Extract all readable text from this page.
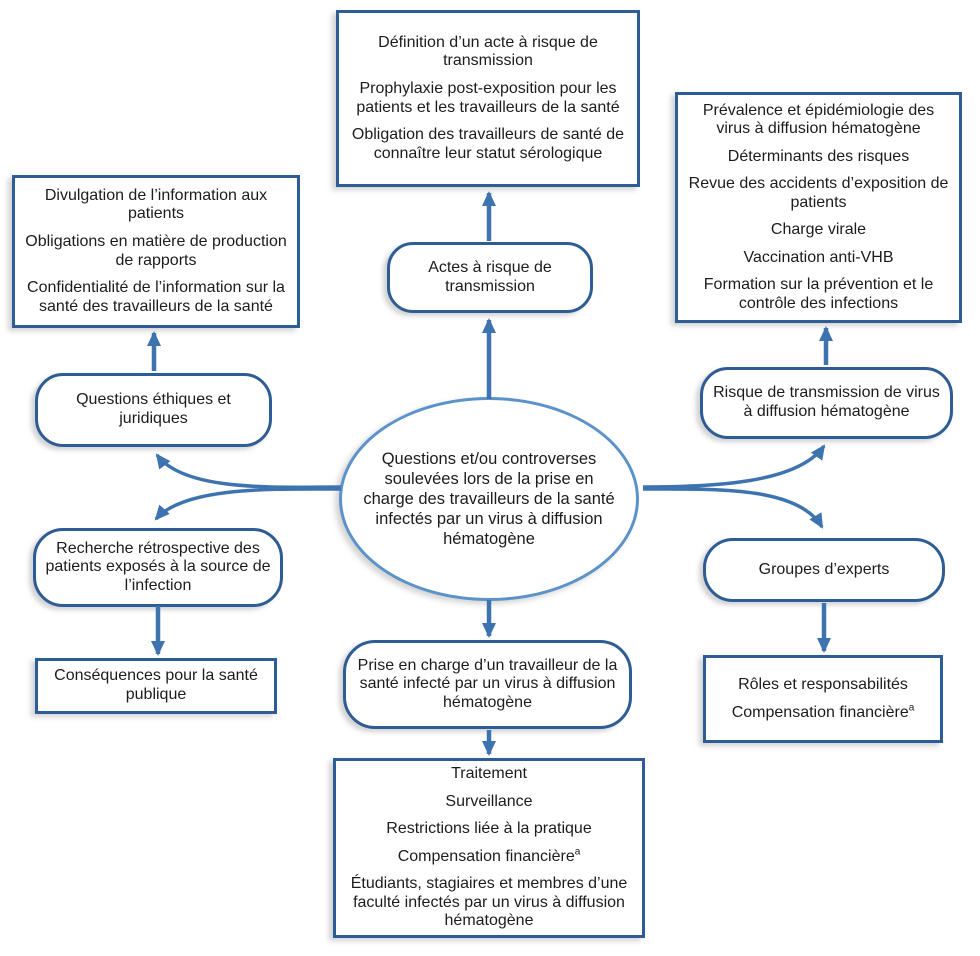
Définition d’un acte à risque de transmission
Prophylaxie post-exposition pour les patients et les travailleurs de la santé
Obligation des travailleurs de santé de connaître leur statut sérologique
Prévalence et épidémiologie des virus à diffusion hématogène
Déterminants des risques
Revue des accidents d’exposition de patients
Charge virale
Vaccination anti-VHB
Formation sur la prévention et le contrôle des infections
Divulgation de l’information aux patients
Obligations en matière de production de rapports
Confidentialité de l’information sur la santé des travailleurs de la santé
Conséquences pour la santé publique
Traitement
Surveillance
Restrictions liée à la pratique
Compensation financière$^a$
Étudiants, stagiaires et membres d’une faculté infectés par un virus à diffusion hématogène
Rôles et responsabilités
Compensation financière$^a$
Actes à risque de transmission
Questions éthiques et juridiques
Risque de transmission de virus à diffusion hématogène
Groupes d’experts
Recherche rétrospective des patients exposés à la source de l’infection
Prise en charge d’un travailleur de la santé infecté par un virus à diffusion hématogène
Questions et/ou controverses soulevées lors de la prise en charge des travailleurs de la santé infectés par un virus à diffusion hématogène
